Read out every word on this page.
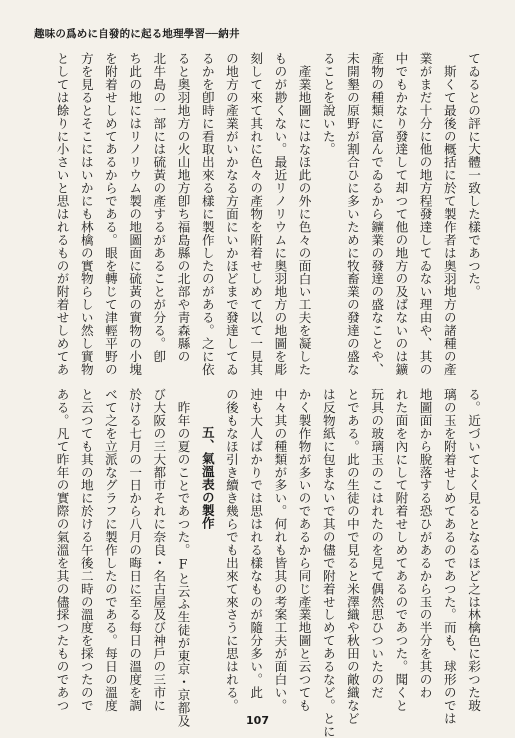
趣味の爲めに自發的に起る地理學習──納井
てゐるとの評に大體一致した樣であつた。
斯くて最後の概括に於て製作者は奥羽地方の諸種の產
業がまだ十分に他の地方程發達してゐない理由や、其の
中でもかなり發達して却つて他の地方の及ばないのは鑛
產物の種類に富んでゐるから鑛業の發達の盛なことや、
未開墾の原野が割合ひに多いために牧畜業の發達の盛な
ることを說いた。
產業地圖にはなほ此の外に色々の面白い工夫を凝した
ものが尠くない。最近リノリウムに奥羽地方の地圖を彫
刻して來て其れに色々の產物を附着せしめて以て一見其
の地方の產業がいかなる方面にいかほどまで發達してゐ
るかを卽時に看取出來る樣に製作したのがある。之に依
ると奥羽地方の火山地方卽ち福島縣の北部や靑森縣の
北牛島の一部には硫黃の產するがあることが分る。卽
ち此の地にはリノリウム製の地圖面に硫黃の實物の小塊
を附着せしめてあるからである。眼を轉じて津輕平野の
方を見るとそこにはいかにも林檎の實物らしい然し實物
としては餘りに小さいと思はれるものが附着せしめてあ
る。近づいてよく見るとなるほど之は林檎色に彩つた玻
璃の玉を附着せしめてあるのであつた。而も、球形のでは
地圖面から脫落する恐ひがあるから玉の半分を其のわ
れた面を內にして附着せしめてあるのであつた。聞くと
玩具の玻璃玉のこはれたのを見て偶然思ひついたのだ
とである。此の生徒の中で見ると米澤織や秋田の敵織など
は反物紙に包まないで其の儘で附着せしめてあるなど。とに
かく製作物が多いのであるから同じ產業地圖と云つても
中々其の種類が多い。何れも皆其の考案工夫が面白い。
迚も大人ばかりでは思はれる樣なものが隨分多い。此
の後もなほ引き續き幾らでも出來て來さうに思はれる。
五、氣溫表の製作
昨年の夏のことであつた。Fと云ふ生徒が東京・京都及
び大阪の三大都市それに奈良・名古屋及び神戶の三市に
於ける七月の一日から八月の晦日に至る每日の溫度を調
べて之を立派なグラフに製作したのである。每日の溫度
と云つても其の地に於ける午後二時の溫度を採つたので
ある。凡て昨年の實際の氣溫を其の儘採つたものであつ
107
